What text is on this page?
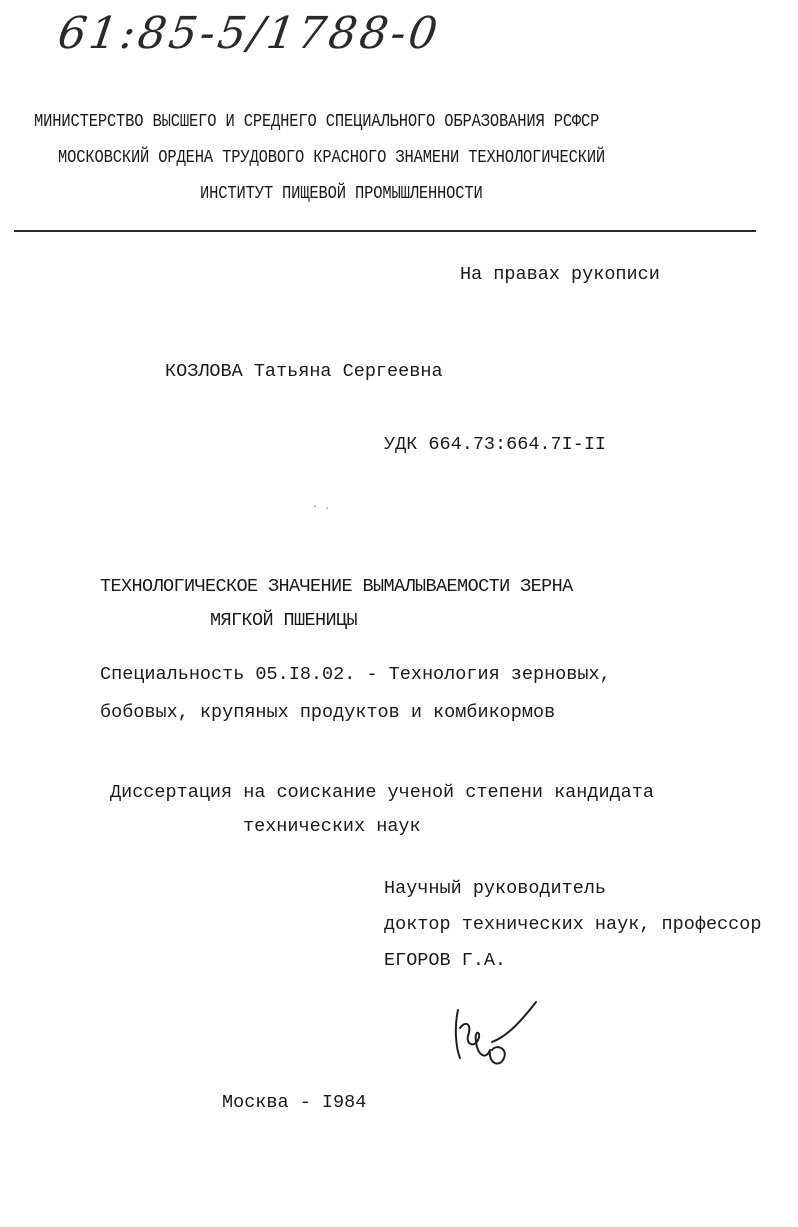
61:85-5/1788-0
МИНИСТЕРСТВО ВЫСШЕГО И СРЕДНЕГО СПЕЦИАЛЬНОГО ОБРАЗОВАНИЯ РСФСР
МОСКОВСКИЙ ОРДЕНА ТРУДОВОГО КРАСНОГО ЗНАМЕНИ ТЕХНОЛОГИЧЕСКИЙ
ИНСТИТУТ ПИЩЕВОЙ ПРОМЫШЛЕННОСТИ
На правах рукописи
КОЗЛОВА Татьяна Сергеевна
УДК 664.73:664.7I-II
· .
ТЕХНОЛОГИЧЕСКОЕ ЗНАЧЕНИЕ ВЫМАЛЫВАЕМОСТИ ЗЕРНА
МЯГКОЙ ПШЕНИЦЫ
Специальность 05.I8.02. - Технология зерновых,
бобовых, крупяных продуктов и комбикормов
Диссертация на соискание ученой степени кандидата
технических наук
Научный руководитель
доктор технических наук, профессор
ЕГОРОВ Г.А.
Москва - I984
